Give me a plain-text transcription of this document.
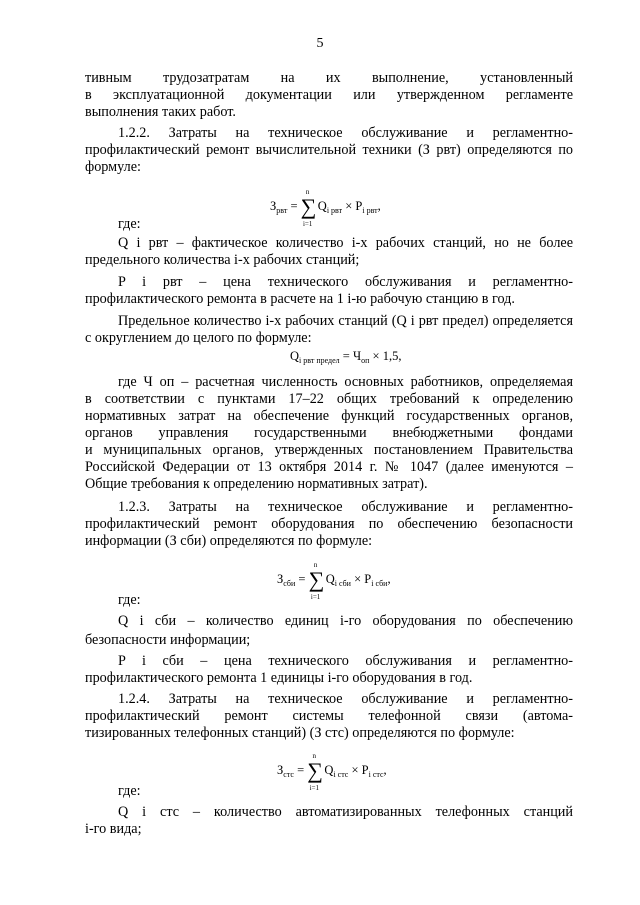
5
тивным трудозатратам на их выполнение, установленный
в эксплуатационной документации или утвержденном регламенте
выполнения таких работ.
1.2.2. Затраты на техническое обслуживание и регламентно-
профилактический ремонт вычислительной техники (З рвт) определяются по
формуле:
$З_{рвт} = n$
∑
i=1 $Q_{i рвт} \times P_{i рвт}$,
где:
Q i рвт – фактическое количество i-х рабочих станций, но не более
предельного количества i-х рабочих станций;
P i рвт – цена технического обслуживания и регламентно-
профилактического ремонта в расчете на 1 i-ю рабочую станцию в год.
Предельное количество i-х рабочих станций (Q i рвт предел) определяется
с округлением до целого по формуле:
$Q_{i рвт предел} = Ч_{оп} \times 1,5$,
где Ч оп – расчетная численность основных работников, определяемая
в соответствии с пунктами 17–22 общих требований к определению
нормативных затрат на обеспечение функций государственных органов,
органов управления государственными внебюджетными фондами
и муниципальных органов, утвержденных постановлением Правительства
Российской Федерации от 13 октября 2014 г. № 1047 (далее именуются –
Общие требования к определению нормативных затрат).
1.2.3. Затраты на техническое обслуживание и регламентно-
профилактический ремонт оборудования по обеспечению безопасности
информации (З сби) определяются по формуле:
$З_{сби} = n$
∑
i=1 $Q_{i сби} \times P_{i сби}$,
где:
Q i сби – количество единиц i-го оборудования по обеспечению
безопасности информации;
P i сби – цена технического обслуживания и регламентно-
профилактического ремонта 1 единицы i-го оборудования в год.
1.2.4. Затраты на техническое обслуживание и регламентно-
профилактический ремонт системы телефонной связи (автома-
тизированных телефонных станций) (З стс) определяются по формуле:
$З_{стс} = n$
∑
i=1 $Q_{i стс} \times P_{i стс}$,
где:
Q i стс – количество автоматизированных телефонных станций
i-го вида;
